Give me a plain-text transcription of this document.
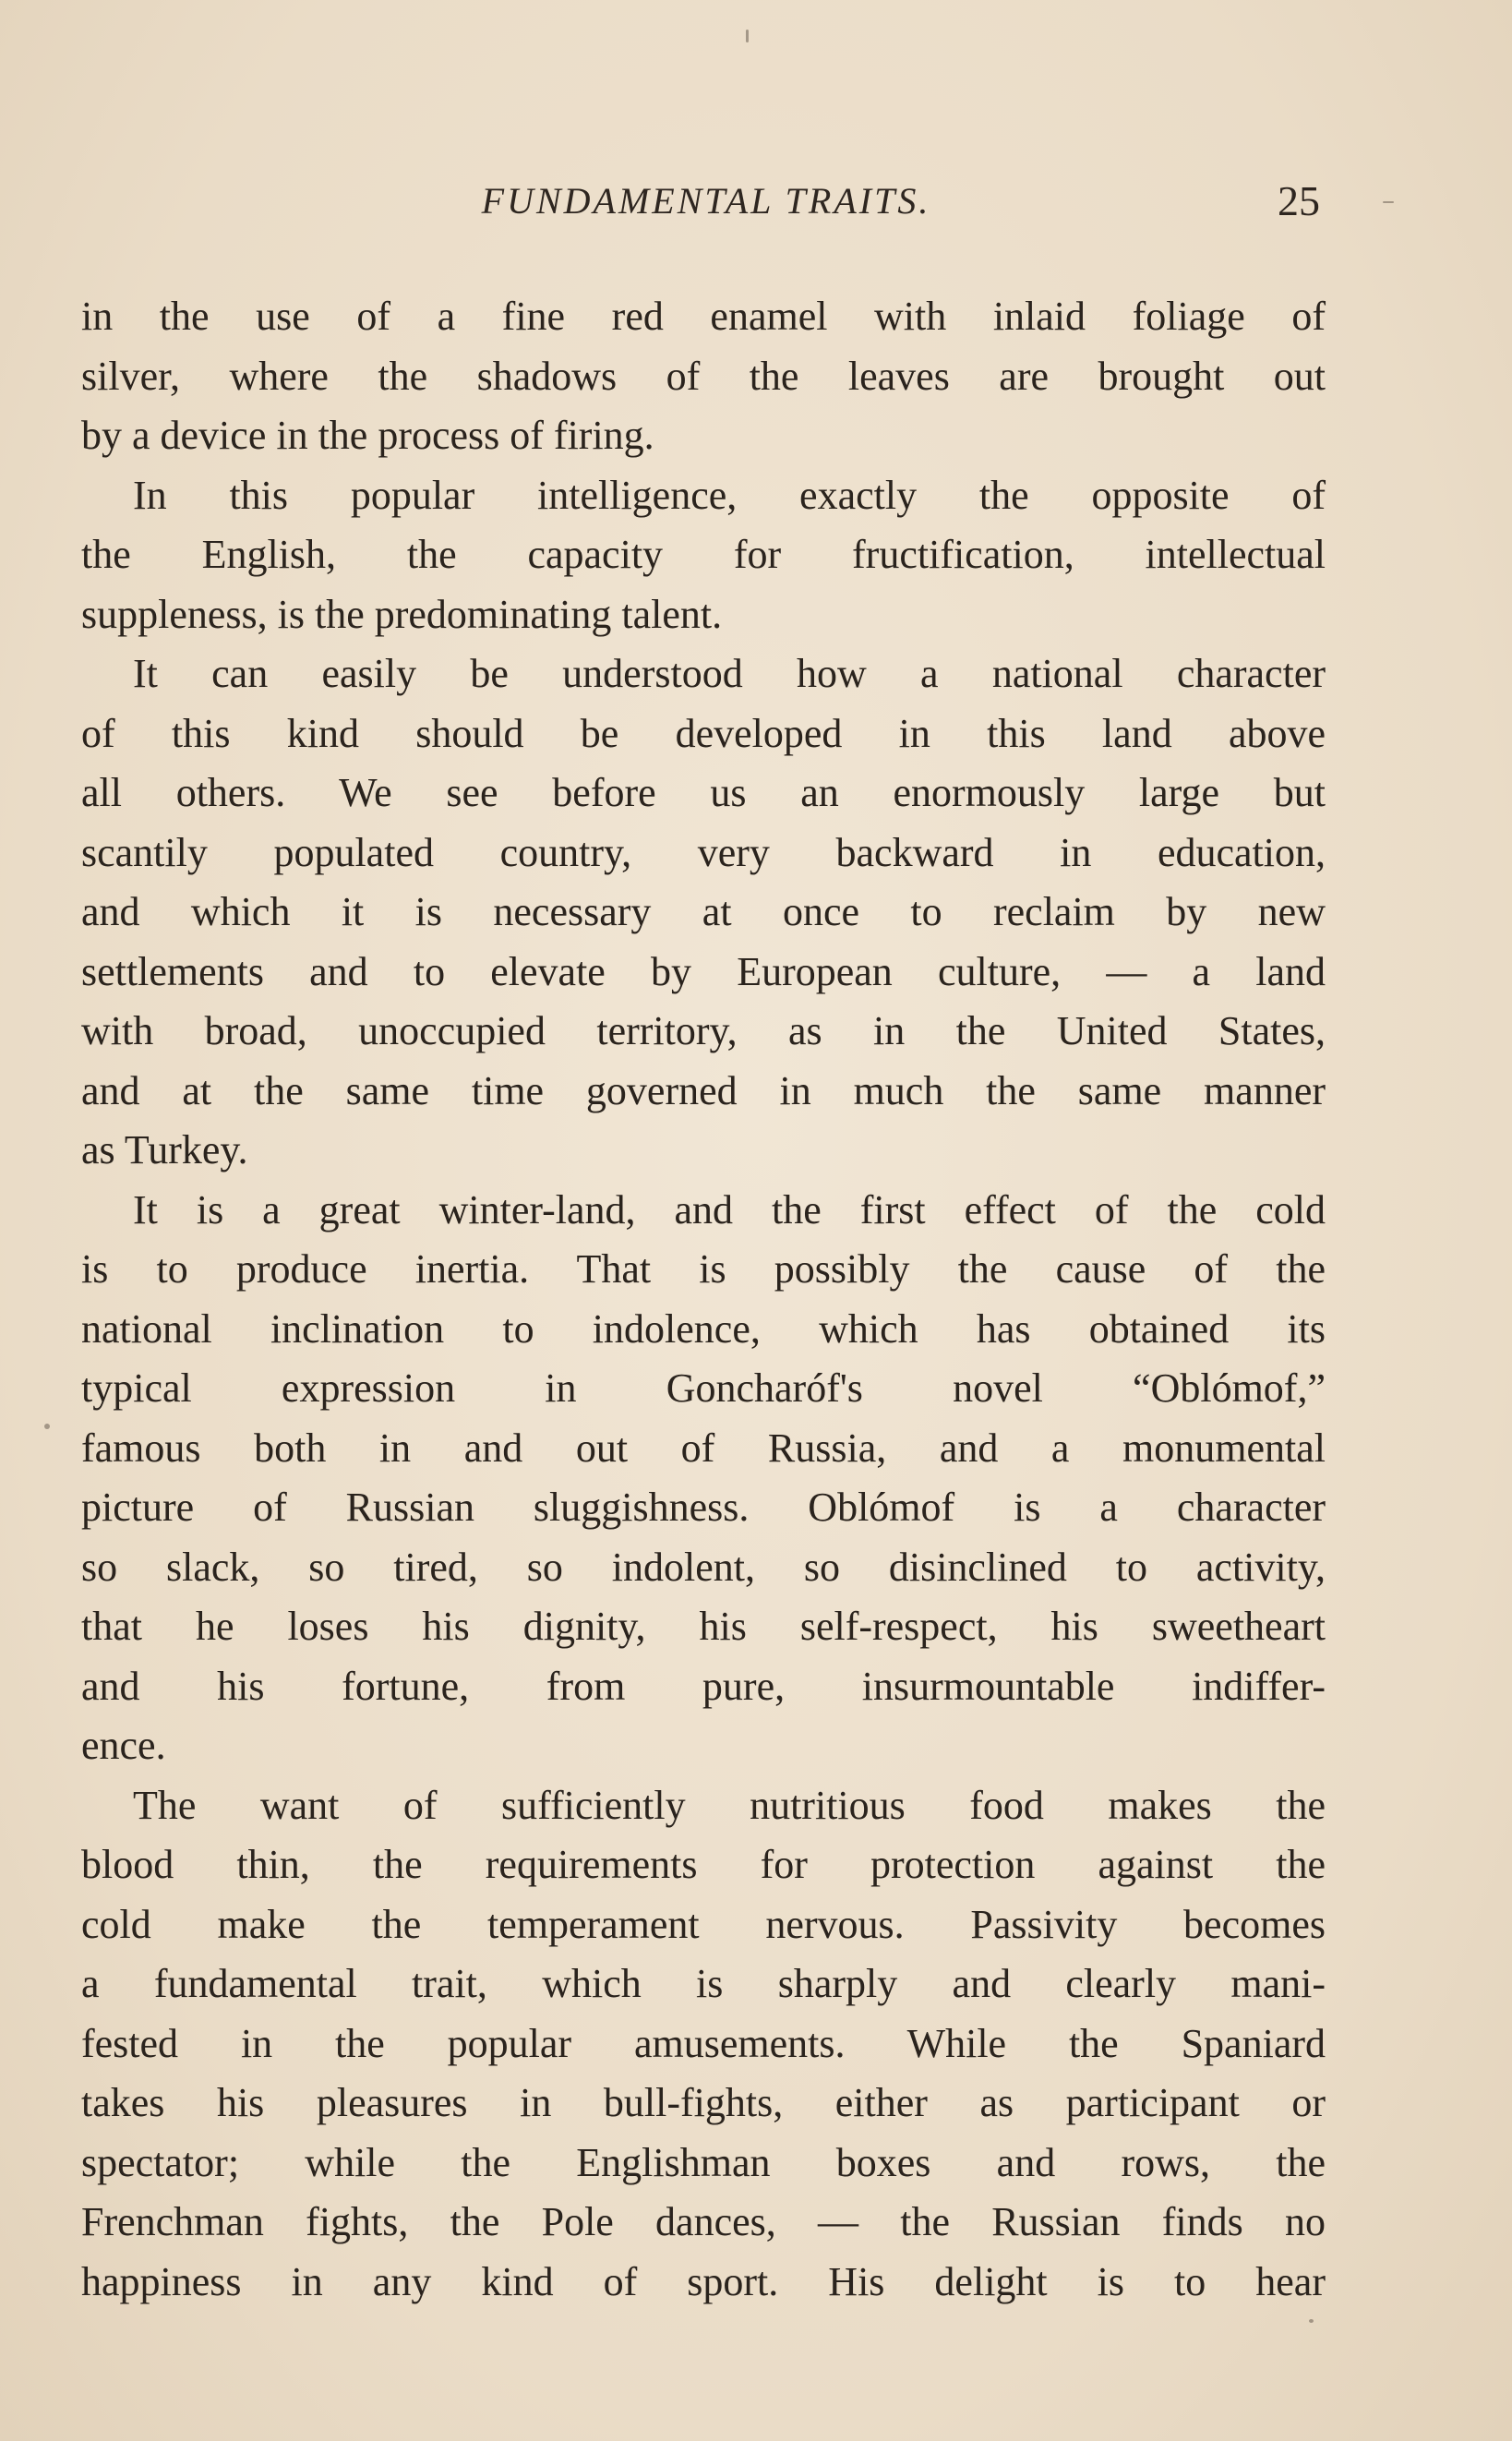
FUNDAMENTAL TRAITS.	25
in the use of a fine red enamel with inlaid foliage of
silver, where the shadows of the leaves are brought out
by a device in the process of firing.
In this popular intelligence, exactly the opposite of
the English, the capacity for fructification, intellectual
suppleness, is the predominating talent.
It can easily be understood how a national character
of this kind should be developed in this land above
all others. We see before us an enormously large but
scantily populated country, very backward in education,
and which it is necessary at once to reclaim by new
settlements and to elevate by European culture, — a land
with broad, unoccupied territory, as in the United States,
and at the same time governed in much the same manner
as Turkey.
It is a great winter-land, and the first effect of the cold
is to produce inertia. That is possibly the cause of the
national inclination to indolence, which has obtained its
typical expression in Goncharóf's novel “Oblómof,”
famous both in and out of Russia, and a monumental
picture of Russian sluggishness. Oblómof is a character
so slack, so tired, so indolent, so disinclined to activity,
that he loses his dignity, his self-respect, his sweetheart
and his fortune, from pure, insurmountable indiffer-
ence.
The want of sufficiently nutritious food makes the
blood thin, the requirements for protection against the
cold make the temperament nervous. Passivity becomes
a fundamental trait, which is sharply and clearly mani-
fested in the popular amusements. While the Spaniard
takes his pleasures in bull-fights, either as participant or
spectator; while the Englishman boxes and rows, the
Frenchman fights, the Pole dances, — the Russian finds no
happiness in any kind of sport. His delight is to hear
